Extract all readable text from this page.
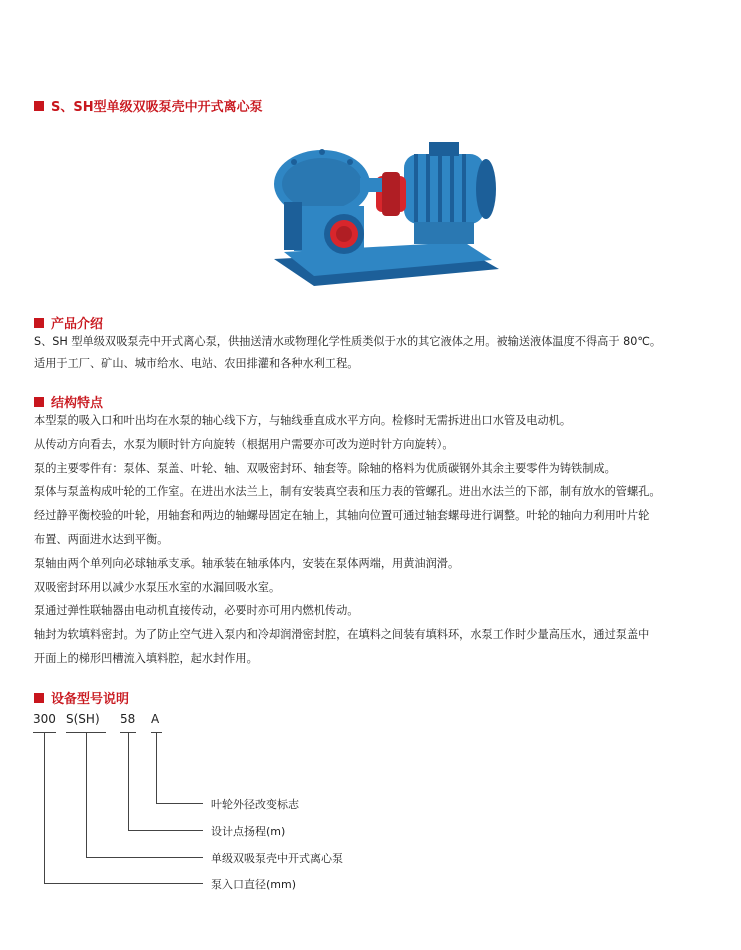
S、SH型单级双吸泵壳中开式离心泵
产品介绍

S、SH 型单级双吸泵壳中开式离心泵，供抽送清水或物理化学性质类似于水的其它液体之用。被输送液体温度不得高于 80℃。

适用于工厂、矿山、城市给水、电站、农田排灌和各种水利工程。

结构特点

本型泵的吸入口和叶出均在水泵的轴心线下方，与轴线垂直成水平方向。检修时无需拆进出口水管及电动机。

从传动方向看去，水泵为顺时针方向旋转（根据用户需要亦可改为逆时针方向旋转）。

泵的主要零件有：泵体、泵盖、叶轮、轴、双吸密封环、轴套等。除轴的格料为优质碳钢外其余主要零件为铸铁制成。

泵体与泵盖构成叶轮的工作室。在进出水法兰上，制有安装真空表和压力表的管螺孔。进出水法兰的下部，制有放水的管螺孔。

经过静平衡校验的叶轮，用轴套和两边的轴螺母固定在轴上，其轴向位置可通过轴套螺母进行调整。叶轮的轴向力利用叶片轮

布置、两面进水达到平衡。

泵轴由两个单列向必球轴承支承。轴承装在轴承体内，安装在泵体两端，用黄油润滑。

双吸密封环用以减少水泵压水室的水漏回吸水室。

泵通过弹性联轴器由电动机直接传动，必要时亦可用内燃机传动。

轴封为软填料密封。为了防止空气进入泵内和冷却润滑密封腔，在填料之间装有填料环，水泵工作时少量高压水，通过泵盖中

开面上的梯形凹槽流入填料腔，起水封作用。

设备型号说明
300 S(SH) 58 A
叶轮外径改变标志
设计点扬程(m)
单级双吸泵壳中开式离心泵
泵入口直径(mm)
